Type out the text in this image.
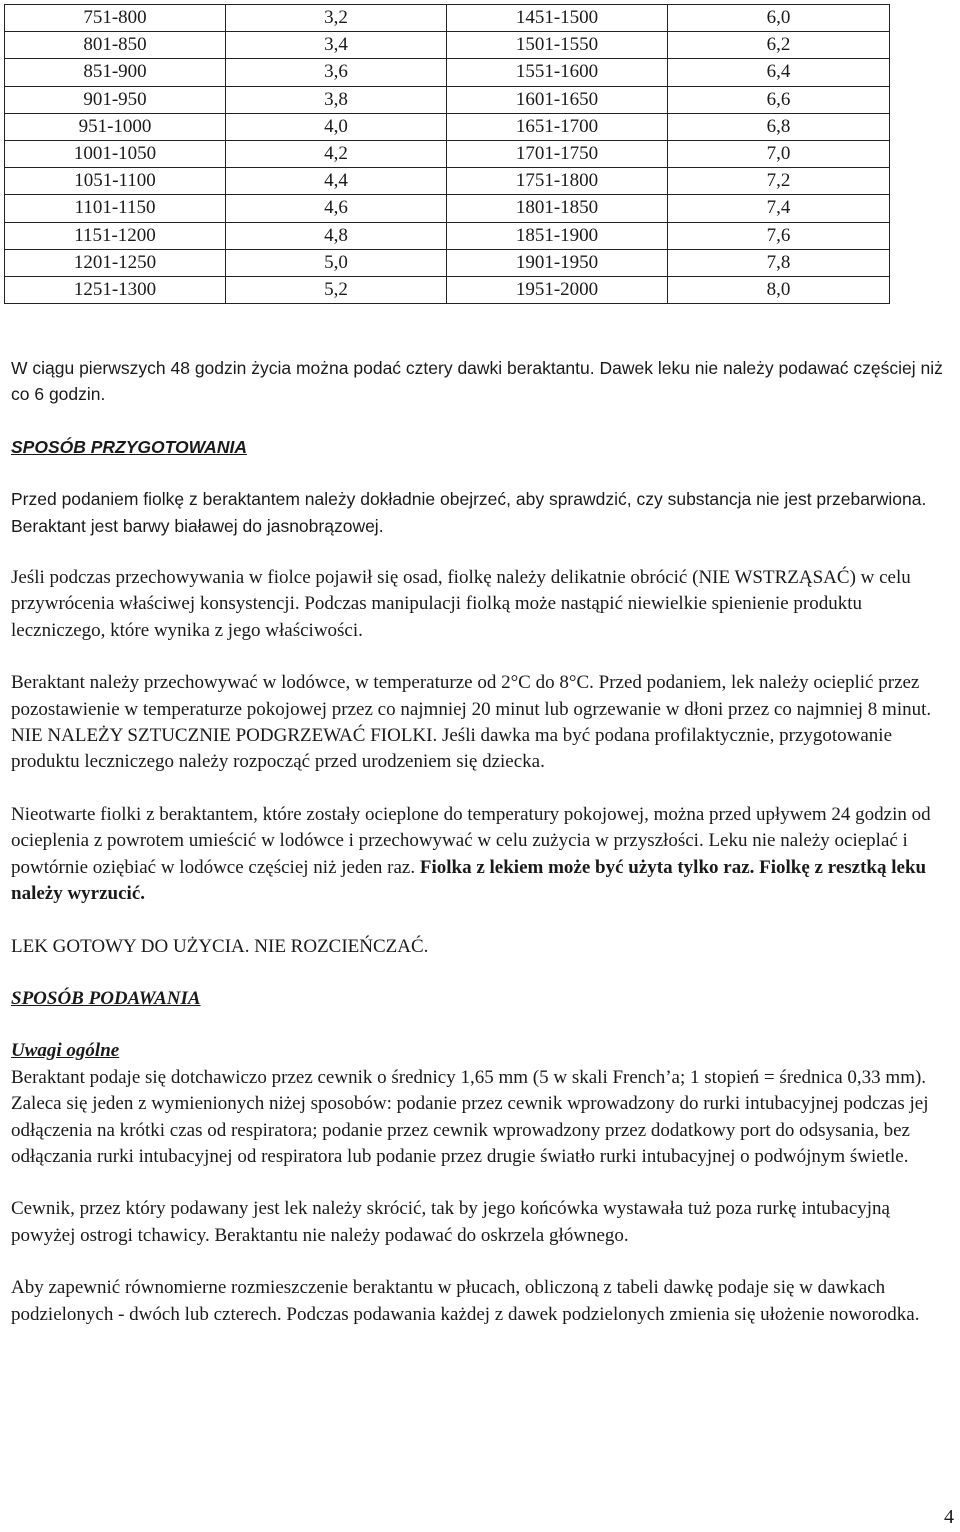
751-800	3,2	1451-1500	6,0
801-850	3,4	1501-1550	6,2
851-900	3,6	1551-1600	6,4
901-950	3,8	1601-1650	6,6
951-1000	4,0	1651-1700	6,8
1001-1050	4,2	1701-1750	7,0
1051-1100	4,4	1751-1800	7,2
1101-1150	4,6	1801-1850	7,4
1151-1200	4,8	1851-1900	7,6
1201-1250	5,0	1901-1950	7,8
1251-1300	5,2	1951-2000	8,0

W ciągu pierwszych 48 godzin życia można podać cztery dawki beraktantu. Dawek leku nie należy podawać częściej niż co 6 godzin.

SPOSÓB PRZYGOTOWANIA

Przed podaniem fiolkę z beraktantem należy dokładnie obejrzeć, aby sprawdzić, czy substancja nie jest przebarwiona. Beraktant jest barwy białawej do jasnobrązowej.

Jeśli podczas przechowywania w fiolce pojawił się osad, fiolkę należy delikatnie obrócić (NIE WSTRZĄSAĆ) w celu przywrócenia właściwej konsystencji. Podczas manipulacji fiolką może nastąpić niewielkie spienienie produktu leczniczego, które wynika z jego właściwości.

Beraktant należy przechowywać w lodówce, w temperaturze od 2°C do 8°C. Przed podaniem, lek należy ocieplić przez pozostawienie w temperaturze pokojowej przez co najmniej 20 minut lub ogrzewanie w dłoni przez co najmniej 8 minut. NIE NALEŻY SZTUCZNIE PODGRZEWAĆ FIOLKI. Jeśli dawka ma być podana profilaktycznie, przygotowanie produktu leczniczego należy rozpocząć przed urodzeniem się dziecka.

Nieotwarte fiolki z beraktantem, które zostały ocieplone do temperatury pokojowej, można przed upływem 24 godzin od ocieplenia z powrotem umieścić w lodówce i przechowywać w celu zużycia w przyszłości. Leku nie należy ocieplać i powtórnie oziębiać w lodówce częściej niż jeden raz. Fiolka z lekiem może być użyta tylko raz. Fiolkę z resztką leku należy wyrzucić.

LEK GOTOWY DO UŻYCIA. NIE ROZCIEŃCZAĆ.

SPOSÓB PODAWANIA
Uwagi ogólne

Beraktant podaje się dotchawiczo przez cewnik o średnicy 1,65 mm (5 w skali French’a; 1 stopień = średnica 0,33 mm). Zaleca się jeden z wymienionych niżej sposobów: podanie przez cewnik wprowadzony do rurki intubacyjnej podczas jej odłączenia na krótki czas od respiratora; podanie przez cewnik wprowadzony przez dodatkowy port do odsysania, bez odłączania rurki intubacyjnej od respiratora lub podanie przez drugie światło rurki intubacyjnej o podwójnym świetle.

Cewnik, przez który podawany jest lek należy skrócić, tak by jego końcówka wystawała tuż poza rurkę intubacyjną powyżej ostrogi tchawicy. Beraktantu nie należy podawać do oskrzela głównego.

Aby zapewnić równomierne rozmieszczenie beraktantu w płucach, obliczoną z tabeli dawkę podaje się w dawkach podzielonych - dwóch lub czterech. Podczas podawania każdej z dawek podzielonych zmienia się ułożenie noworodka.

4
